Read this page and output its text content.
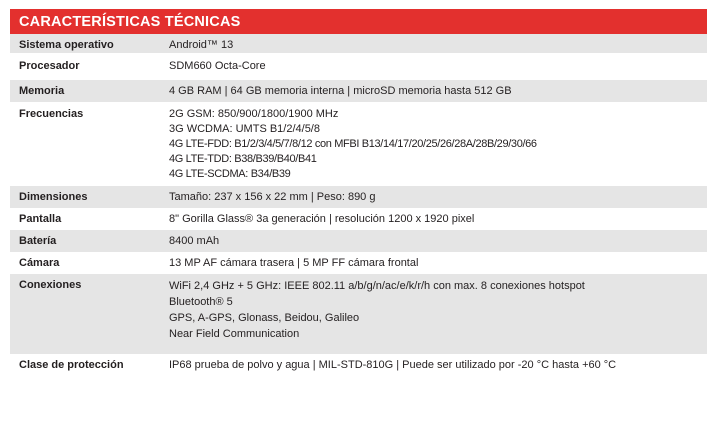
CARACTERÍSTICAS TÉCNICAS
Sistema operativo	Android™ 13
Procesador	SDM660 Octa-Core
Memoria	4 GB RAM | 64 GB memoria interna | microSD memoria hasta 512 GB
Frecuencias	2G GSM: 850/900/1800/1900 MHz
3G WCDMA: UMTS B1/2/4/5/8
4G LTE-FDD: B1/2/3/4/5/7/8/12 con MFBI B13/14/17/20/25/26/28A/28B/29/30/66
4G LTE-TDD: B38/B39/B40/B41
4G LTE-SCDMA: B34/B39
Dimensiones	Tamaño: 237 x 156 x 22 mm | Peso: 890 g
Pantalla	8" Gorilla Glass® 3a generación | resolución 1200 x 1920 pixel
Batería	8400 mAh
Cámara	13 MP AF cámara trasera | 5 MP FF cámara frontal
Conexiones	WiFi 2,4 GHz + 5 GHz: IEEE 802.11 a/b/g/n/ac/e/k/r/h con max. 8 conexiones hotspot
Bluetooth® 5
GPS, A-GPS, Glonass, Beidou, Galileo
Near Field Communication
Clase de protección	IP68 prueba de polvo y agua | MIL-STD-810G | Puede ser utilizado por -20 °C hasta +60 °C
